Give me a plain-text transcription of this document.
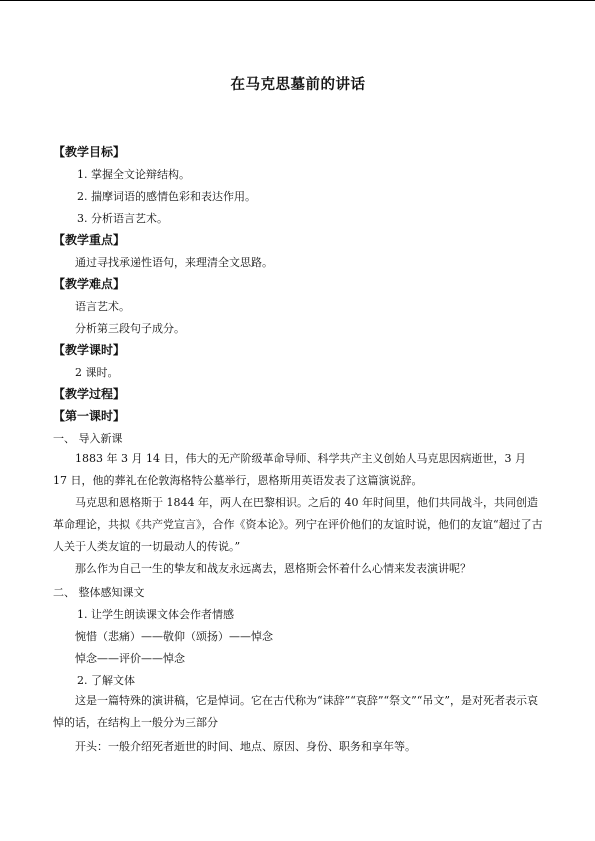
在马克思墓前的讲话
【教学目标】
1. 掌握全文论辩结构。
2. 揣摩词语的感情色彩和表达作用。
3. 分析语言艺术。
【教学重点】
通过寻找承递性语句，来理清全文思路。
【教学难点】
语言艺术。
分析第三段句子成分。
【教学课时】
2 课时。
【教学过程】
【第一课时】
一、 导入新课
1883 年 3 月 14 日，伟大的无产阶级革命导师、科学共产主义创始人马克思因病逝世，3 月 17 日，他的葬礼在伦敦海格特公墓举行，恩格斯用英语发表了这篇演说辞。
马克思和恩格斯于 1844 年，两人在巴黎相识。之后的 40 年时间里，他们共同战斗，共同创造革命理论，共拟《共产党宣言》，合作《资本论》。列宁在评价他们的友谊时说，他们的友谊“超过了古人关于人类友谊的一切最动人的传说。”
那么作为自己一生的挚友和战友永远离去，恩格斯会怀着什么心情来发表演讲呢？
二、 整体感知课文
1. 让学生朗读课文体会作者情感
惋惜（悲痛）——敬仰（颂扬）——悼念
悼念——评价——悼念
2. 了解文体
这是一篇特殊的演讲稿，它是悼词。它在古代称为“诔辞”“哀辞”“祭文”“吊文”，是对死者表示哀悼的话，在结构上一般分为三部分
开头：一般介绍死者逝世的时间、地点、原因、身份、职务和享年等。
